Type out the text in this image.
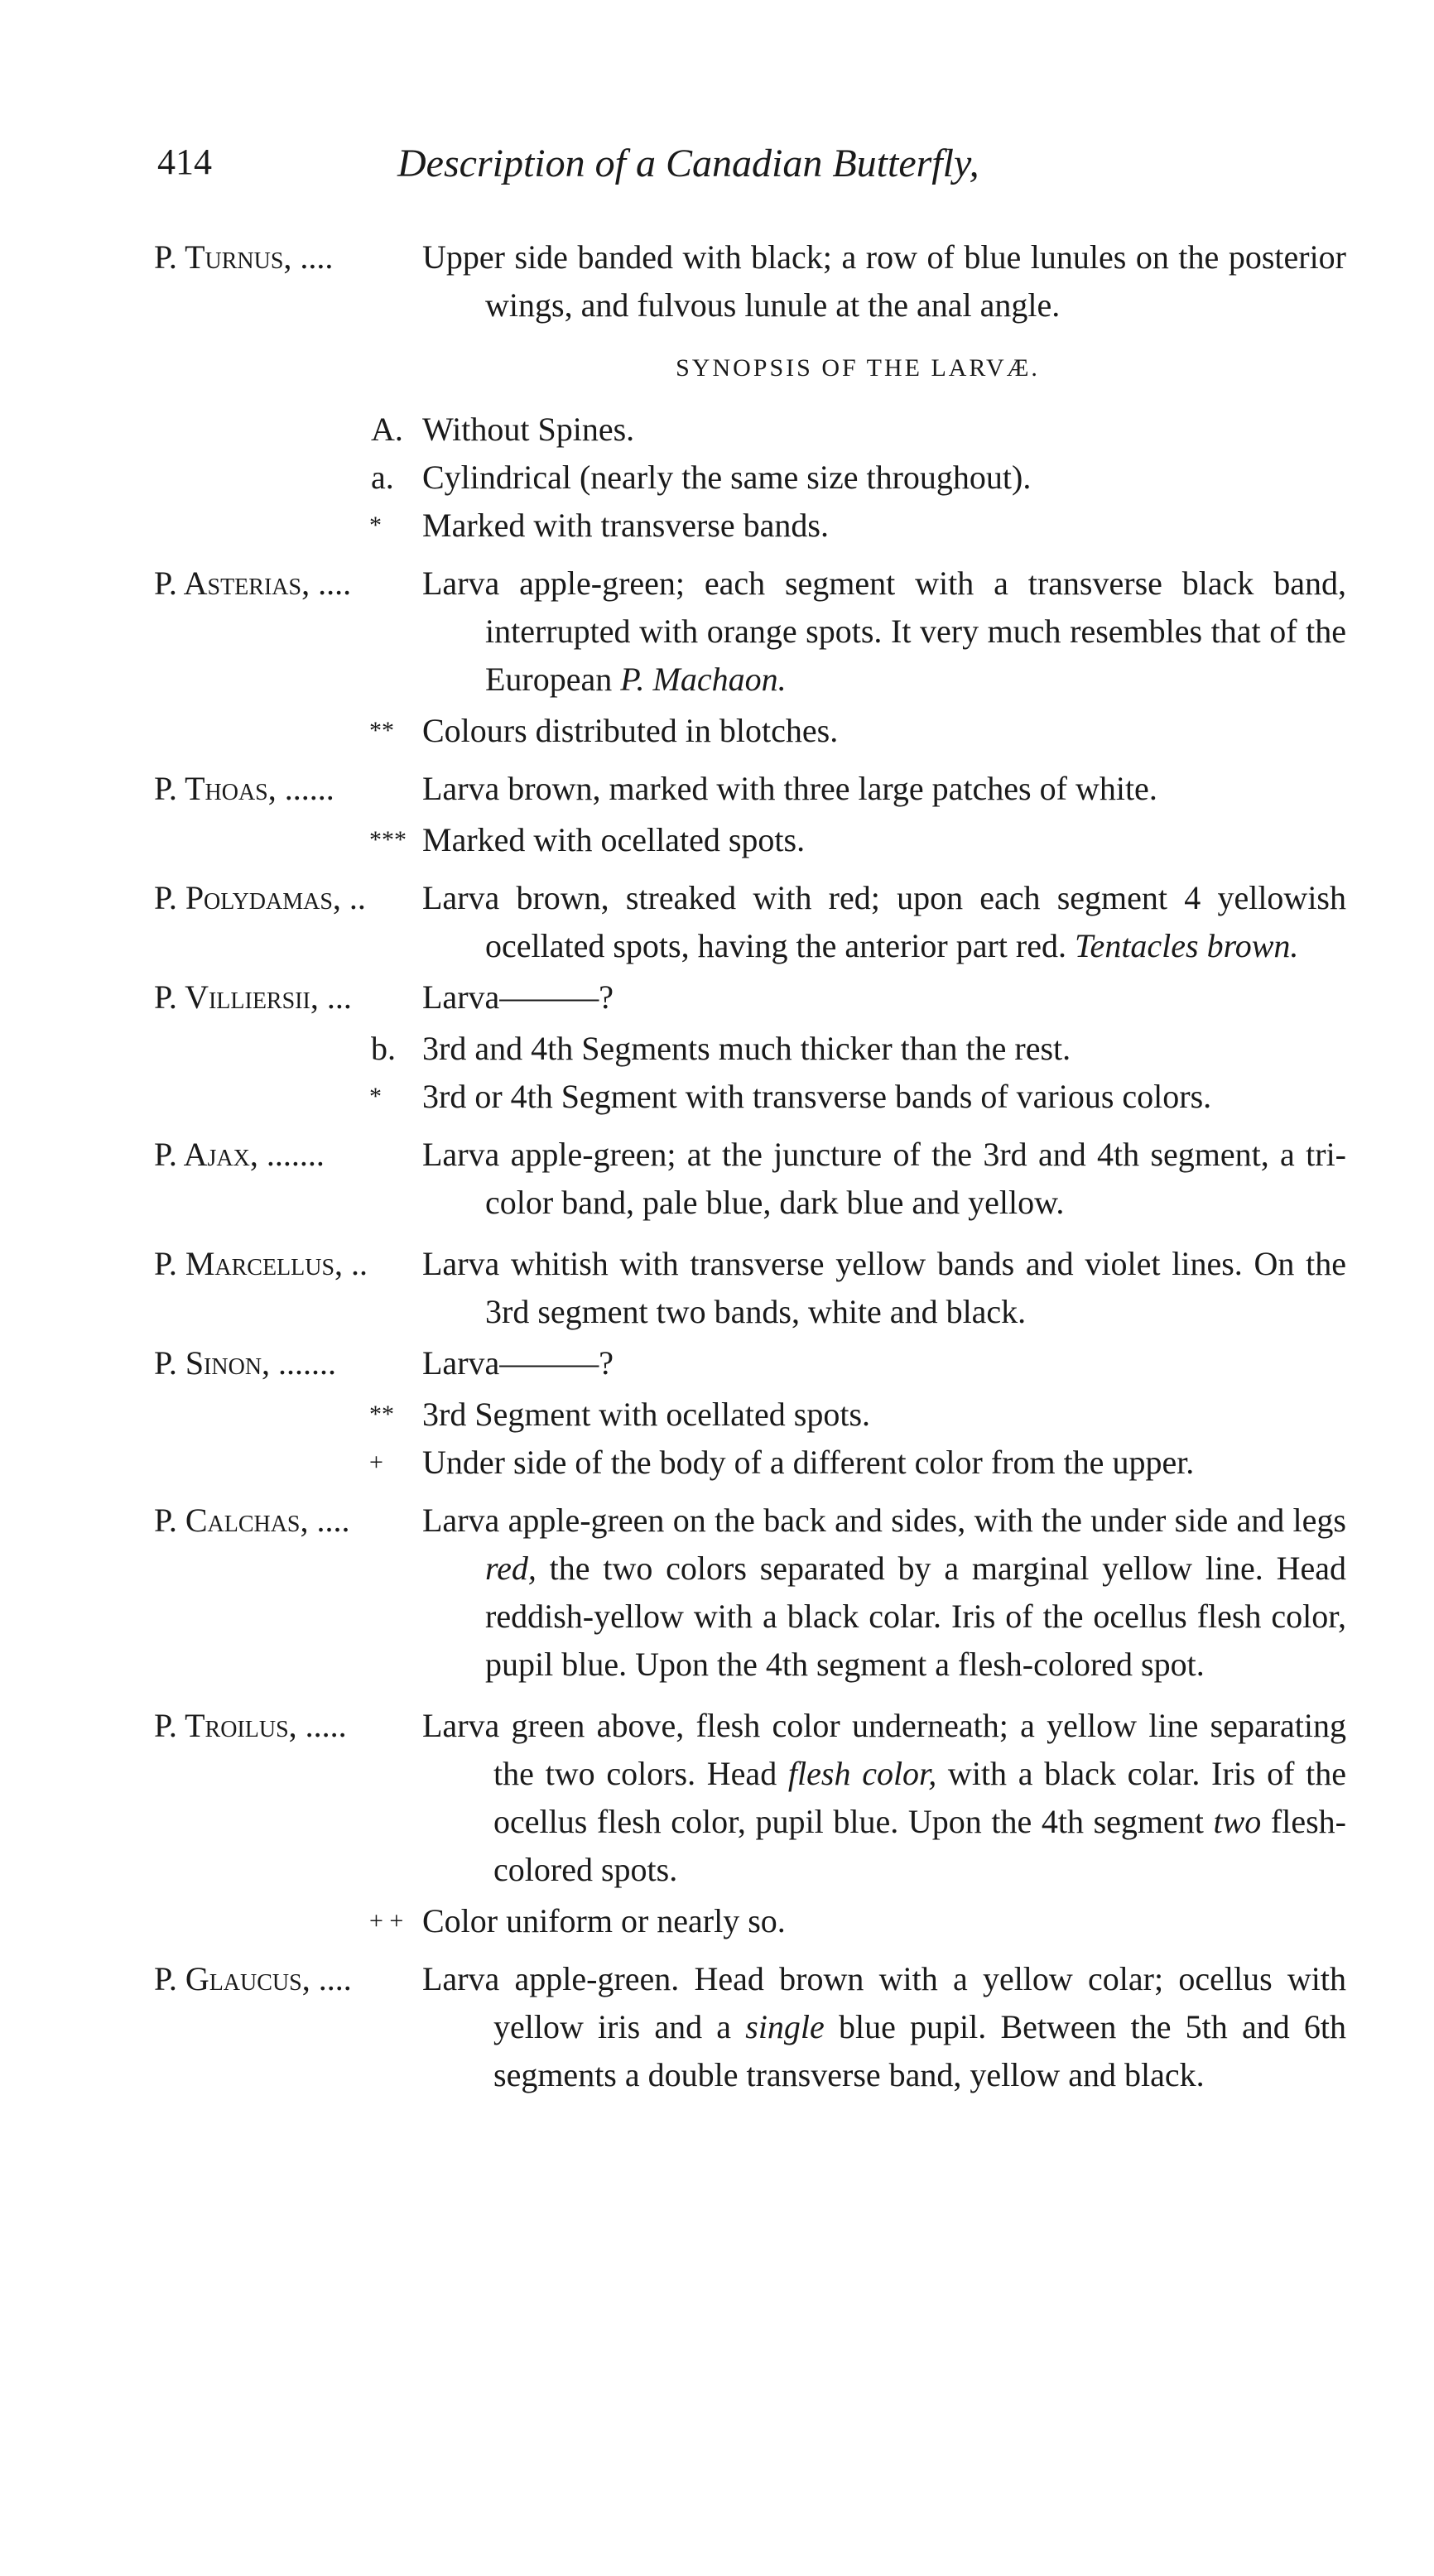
414	Description of a Canadian Butterfly,
P. Turnus, ....	Upper side banded with black; a row of blue lunules on the posterior wings, and fulvous lunule at the anal angle.
SYNOPSIS OF THE LARVÆ.
A. Without Spines.
a. Cylindrical (nearly the same size throughout).
*	Marked with transverse bands.
P. Asterias, .... Larva apple-green; each segment with a transverse black band, interrupted with orange spots. It very much resembles that of the European P. Machaon.
** Colours distributed in blotches.
P. Thoas, ......	Larva brown, marked with three large patches of white.
*** Marked with ocellated spots.
P. Polydamas, .. Larva brown, streaked with red; upon each segment 4 yellowish ocellated spots, having the anterior part red. Tentacles brown.
P. Villiersii, ... Larva———?
b. 3rd and 4th Segments much thicker than the rest.
*	3rd or 4th Segment with transverse bands of various colors.
P. Ajax, .......	Larva apple-green; at the juncture of the 3rd and 4th segment, a tri-color band, pale blue, dark blue and yellow.
P. Marcellus, .. Larva whitish with transverse yellow bands and violet lines. On the 3rd segment two bands, white and black.
P. Sinon, .......	Larva———?
** 3rd Segment with ocellated spots.
+	Under side of the body of a different color from the upper.
P. Calchas, .... Larva apple-green on the back and sides, with the under side and legs red, the two colors separated by a marginal yellow line. Head reddish-yellow with a black colar. Iris of the ocellus flesh color, pupil blue. Upon the 4th segment a flesh-colored spot.
P. Troilus, ..... Larva green above, flesh color underneath; a yellow line separating the two colors. Head flesh color, with a black colar. Iris of the ocellus flesh color, pupil blue. Upon the 4th segment two flesh-colored spots.
+ + Color uniform or nearly so.
P. Glaucus, .... Larva apple-green. Head brown with a yellow colar; ocellus with yellow iris and a single blue pupil. Between the 5th and 6th segments a double transverse band, yellow and black.
